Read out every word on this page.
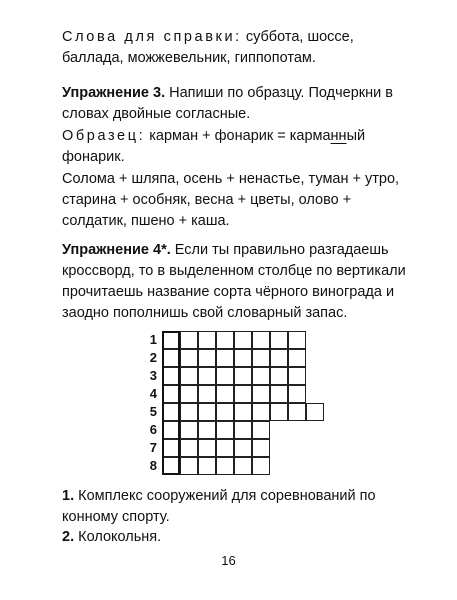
Слова для справки: суббота, шоссе, баллада, можжевельник, гиппопотам.
Упражнение 3. Напиши по образцу. Подчеркни в словах двойные согласные.
Образец: карман + фонарик = карманный фонарик.
Солома + шляпа, осень + ненастье, туман + утро, старина + особняк, весна + цветы, олово + солдатик, пшено + каша.
Упражнение 4*. Если ты правильно разгадаешь кроссворд, то в выделенном столбце по вертикали прочитаешь название сорта чёрного винограда и заодно пополнишь свой словарный запас.
1
2
3
4
5
6
7
8
1. Комплекс сооружений для соревнований по конному спорту.
2. Колокольня.
16
